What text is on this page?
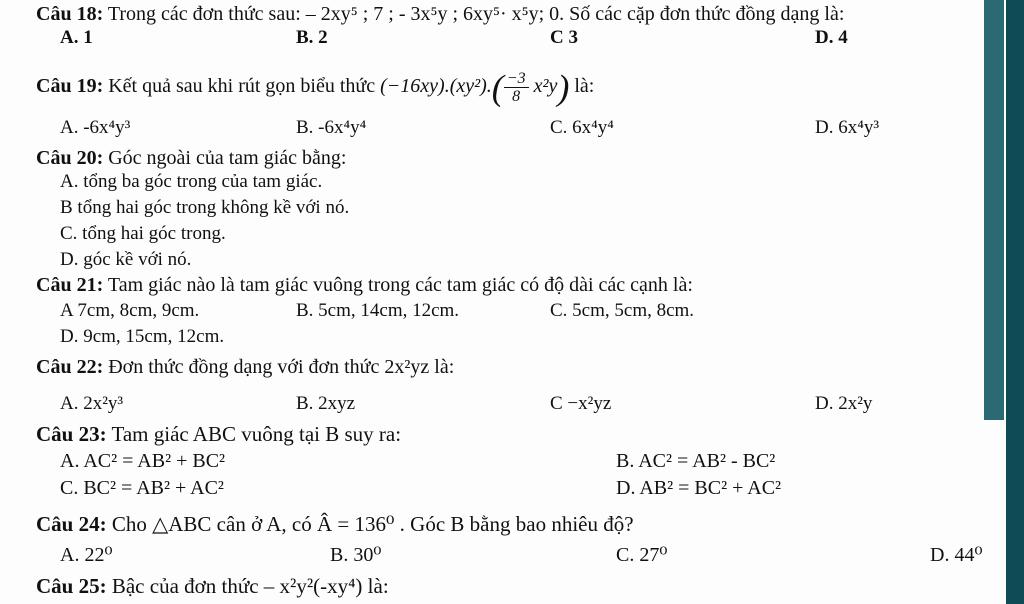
Câu 18: Trong các đơn thức sau: – 2xy⁵ ; 7 ; - 3x⁵y ; 6xy⁵· x⁵y; 0. Số các cặp đơn thức đồng dạng là:
A. 1	B. 2	C 3	D. 4
Câu 19: Kết quả sau khi rút gọn biểu thức $(-16xy).(xy^2).( \frac{-3}{8} x^2y)$ là:
A. -6x⁴y³	B. -6x⁴y⁴	C. 6x⁴y⁴	D. 6x⁴y³
Câu 20: Góc ngoài của tam giác bằng:
A. tổng ba góc trong của tam giác.
B tổng hai góc trong không kề với nó.
C. tổng hai góc trong.
D. góc kề với nó.
Câu 21: Tam giác nào là tam giác vuông trong các tam giác có độ dài các cạnh là:
A 7cm, 8cm, 9cm.	B. 5cm, 14cm, 12cm.	C. 5cm, 5cm, 8cm.
D. 9cm, 15cm, 12cm.
Câu 22: Đơn thức đồng dạng với đơn thức 2x²yz là:
A. 2x²y³	B. 2xyz	C −x²yz	D. 2x²y
Câu 23: Tam giác ABC vuông tại B suy ra:
A. AC² = AB² + BC²	B. AC² = AB² - BC²
C. BC² = AB² + AC²	D. AB² = BC² + AC²
Câu 24: Cho △ABC cân ở A, có Â = 136⁰ . Góc B bằng bao nhiêu độ?
A. 22⁰	B. 30⁰	C. 27⁰	D. 44⁰
Câu 25: Bậc của đơn thức – x²y²(-xy⁴) là:
